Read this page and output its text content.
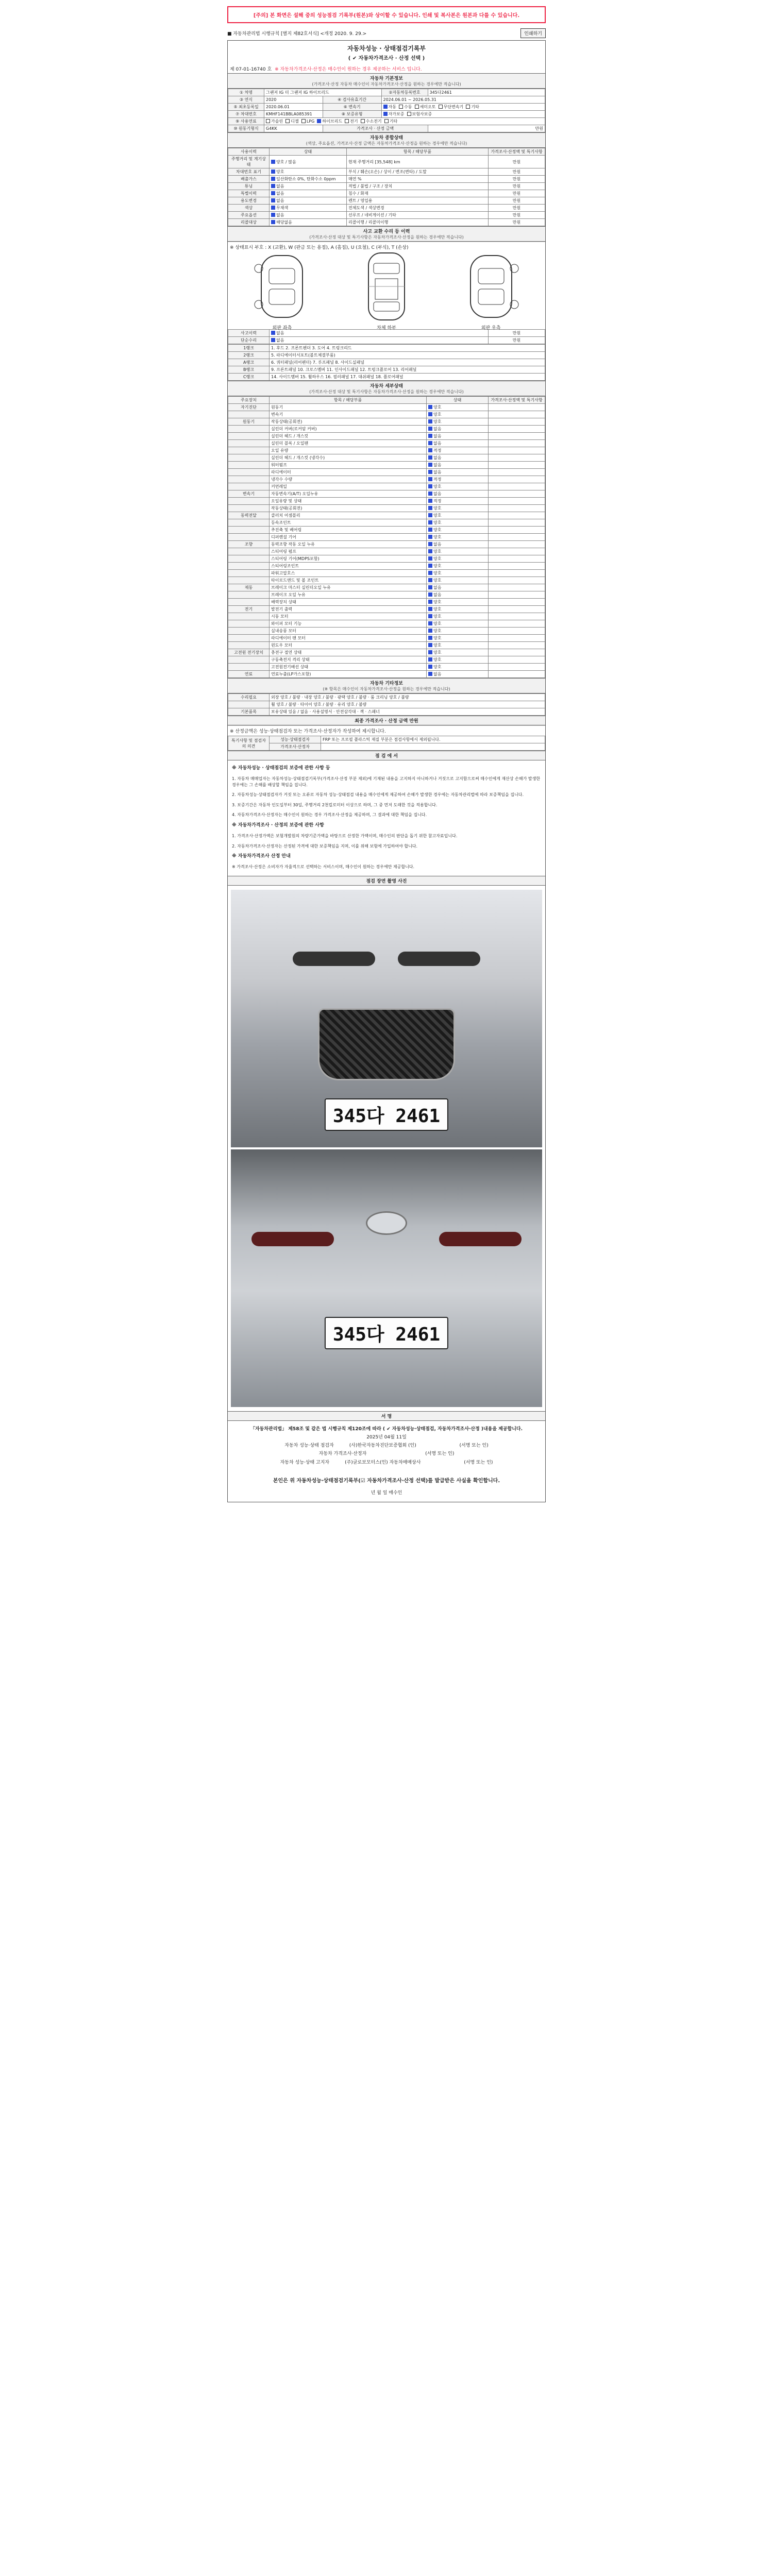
[주의] 본 화면은 설해 중의 성능점검 기록부(원본)와 상이할 수 있습니다. 인쇄 및 복사본은 원본과 다를 수 있습니다.
■ 자동차관리법 시행규칙 [별지 제82호서식] <개정 2020. 9. 29.>	인쇄하기
자동차성능 · 상태점검기록부
( ✔ 자동차가격조사 · 산정 선택 )
제 07-01-16740 호 ※ 자동차가격조사·산정은 매수인이 원하는 경우 제공하는 서비스 입니다.
자동차 기본정보
(가격조사·산정 자동차 매수인이 자동차가격조사·산정을 원하는 경우에만 적습니다)
① 차명	그랜저 IG 더 그랜저 IG 하이브리드		②자동차등록번호	345다2461
③ 연식	2020	④ 검사유효기간	2024.06.01 ~ 2026.05.31	
⑤ 최초등록일	2020.06.01	⑥ 변속기	자동 수동 세미오토 무단변속기 기타	
⑦ 차대번호	KMHF141BBLA085391	⑧ 보증유형	자가보증 보험사보증	
⑨ 사용연료	가솔린 디젤 LPG 하이브리드 전기 수소전기 기타			
⑩ 원동기형식	G4KK	가격조사 · 산정 금액		만원
자동차 종합상태
(색상, 주요옵션, 가격조사·산정 금액은 자동차가격조사·산정을 원하는 경우에만 적습니다)
사용이력	상태	항목 / 해당부품	가격조사·산정액 및 특기사항
주행거리 및 계기상태	양호 / 많음	현재 주행거리 [35,548] km	만원
차대번호 표기	양호	부식 / 훼손(오손) / 상이 / 변조(변타) / 도말	만원
배출가스	일산화탄소 0%, 탄화수소 0ppm	매연 %	만원
튜닝	없음	적법 / 불법 / 구조 / 장치	만원
특별이력	없음	침수 / 화재	만원
용도변경	없음	렌트 / 영업용	만원
색상	무채색	전체도색 / 색상변경	만원
주요옵션	없음	선루프 / 네비게이션 / 기타	만원
리콜대상	해당없음	리콜이행 / 리콜미이행	만원
사고 교환 수리 등 이력
(가격조사·산정 대상 및 특기사항은 자동차가격조사·산정을 원하는 경우에만 적습니다)
※ 상태표시 부호 : X (교환), W (판금 또는 용접), A (흠집), U (요철), C (부식), T (손상)
외판 좌측	차체 하부	외판 우측
사고이력	없음	만원
단순수리	없음	만원
1랭크	1. 후드 2. 프론트펜더 3. 도어 4. 트렁크리드
2랭크	5. 라디에이터서포트(볼트체결부품)
A랭크	6. 쿼터패널(리어펜더) 7. 루프패널 8. 사이드실패널
B랭크	9. 프론트패널 10. 크로스멤버 11. 인사이드패널 12. 트렁크플로어 13. 리어패널
C랭크	14. 사이드멤버 15. 휠하우스 16. 필러패널 17. 대쉬패널 18. 플로어패널
자동차 세부상태
(가격조사·산정 대상 및 특기사항은 자동차가격조사·산정을 원하는 경우에만 적습니다)
주요장치	항목 / 해당부품	상태	가격조사·산정액 및 특기사항
자기진단	원동기	양호	
	변속기	양호	
원동기	작동상태(공회전)	양호	
	실린더 커버(로커암 커버)	없음	
	실린더 헤드 / 개스킷	없음	
	실린더 블록 / 오일팬	없음	
	오일 유량	적정	
	실린더 헤드 / 개스킷 (냉각수)	없음	
	워터펌프	없음	
	라디에이터	없음	
	냉각수 수량	적정	
	커먼레일	양호	
변속기	자동변속기(A/T) 오일누유	없음	
	오일유량 및 상태	적정	
	작동상태(공회전)	양호	
동력전달	클러치 어셈블리	양호	
	등속조인트	양호	
	추진축 및 베어링	양호	
	디퍼렌셜 기어	양호	
조향	동력조향 작동 오일 누유	없음	
	스티어링 펌프	양호	
	스티어링 기어(MDPS포함)	양호	
	스티어링조인트	양호	
	파워고압호스	양호	
	타이로드엔드 및 볼 조인트	양호	
제동	브레이크 마스터 실린더오일 누유	없음	
	브레이크 오일 누유	없음	
	배력장치 상태	양호	
전기	발전기 출력	양호	
	시동 모터	양호	
	와이퍼 모터 기능	양호	
	실내송풍 모터	양호	
	라디에이터 팬 모터	양호	
	윈도우 모터	양호	
고전원 전기장치	충전구 절연 상태	양호	
	구동축전지 격리 상태	양호	
	고전원전기배선 상태	양호	
연료	연료누출(LP가스포함)	없음	
자동차 기타정보
(※ 항목은 매수인이 자동차가격조사·산정을 원하는 경우에만 적습니다)
수리필요	외장 양호 / 불량 · 내장 양호 / 불량 · 광택 양호 / 불량 · 룸 크리닝 양호 / 불량
	휠 양호 / 불량 · 타이어 양호 / 불량 · 유리 양호 / 불량
기본품목	보유상태 있음 / 없음 · 사용설명서 · 안전삼각대 · 잭 · 스패너
최종 가격조사 · 산정 금액 만원
※ 산정금액은 성능·상태점검자 또는 가격조사·산정자가 작성하여 제시합니다.
특기사항 및 점검자의 의견	성능·상태점검자	FRP 또는 프로필 플라스틱 재질 부분은 점검사항에서 제외됩니다.
	가격조사·산정자	
점 검 에 서
※ 자동차성능 · 상태점검의 보증에 관한 사항 등

1. 자동차 매매업자는 자동차성능·상태점검기록부(가격조사·산정 부분 제외)에 기재된 내용을 고지하지 아니하거나 거짓으로 고지함으로써 매수인에게 재산상 손해가 발생한 경우에는 그 손해를 배상할 책임을 집니다.

2. 자동차성능·상태점검자가 거짓 또는 오류로 자동차 성능·상태점검 내용을 매수인에게 제공하여 손해가 발생한 경우에는 자동차관리법에 따라 보증책임을 집니다.

3. 보증기간은 자동차 인도일부터 30일, 주행거리 2천킬로미터 이상으로 하며, 그 중 먼저 도래한 것을 적용합니다.

4. 자동차가격조사·산정자는 매수인이 원하는 경우 가격조사·산정을 제공하며, 그 결과에 대한 책임을 집니다.

※ 자동차가격조사 · 산정의 보증에 관한 사항

1. 가격조사·산정가액은 보험개발원의 차량기준가액을 바탕으로 산정한 가액이며, 매수인의 판단을 돕기 위한 참고자료입니다.

2. 자동차가격조사·산정자는 산정된 가격에 대한 보증책임을 지며, 이를 위해 보험에 가입하여야 합니다.

※ 자동차가격조사 산정 안내

※ 가격조사·산정은 소비자가 자율적으로 선택하는 서비스이며, 매수인이 원하는 경우에만 제공합니다.

점검 장면 촬영 사진
345다 2461
345다 2461
서 명
「자동차관리법」 제58조 및 같은 법 시행규칙 제120조에 따라 ( ✔ 자동차성능·상태점검, 자동차가격조사·산정 )내용을 제공합니다.
2025년 04월 11일
자동차 성능·상태 점검자	(사)한국자동차진단보증협회 (인)	(서명 또는 인)
자동차 가격조사·산정자	(서명 또는 인)
자동차 성능·상태 고지자	(주)글로보모터스(인) 자동차매매상사	(서명 또는 인)
본인은 위 자동차성능·상태점검기록부(☑ 자동차가격조사·산정 선택)를 발급받은 사실을 확인합니다.
년 월 일 매수인
